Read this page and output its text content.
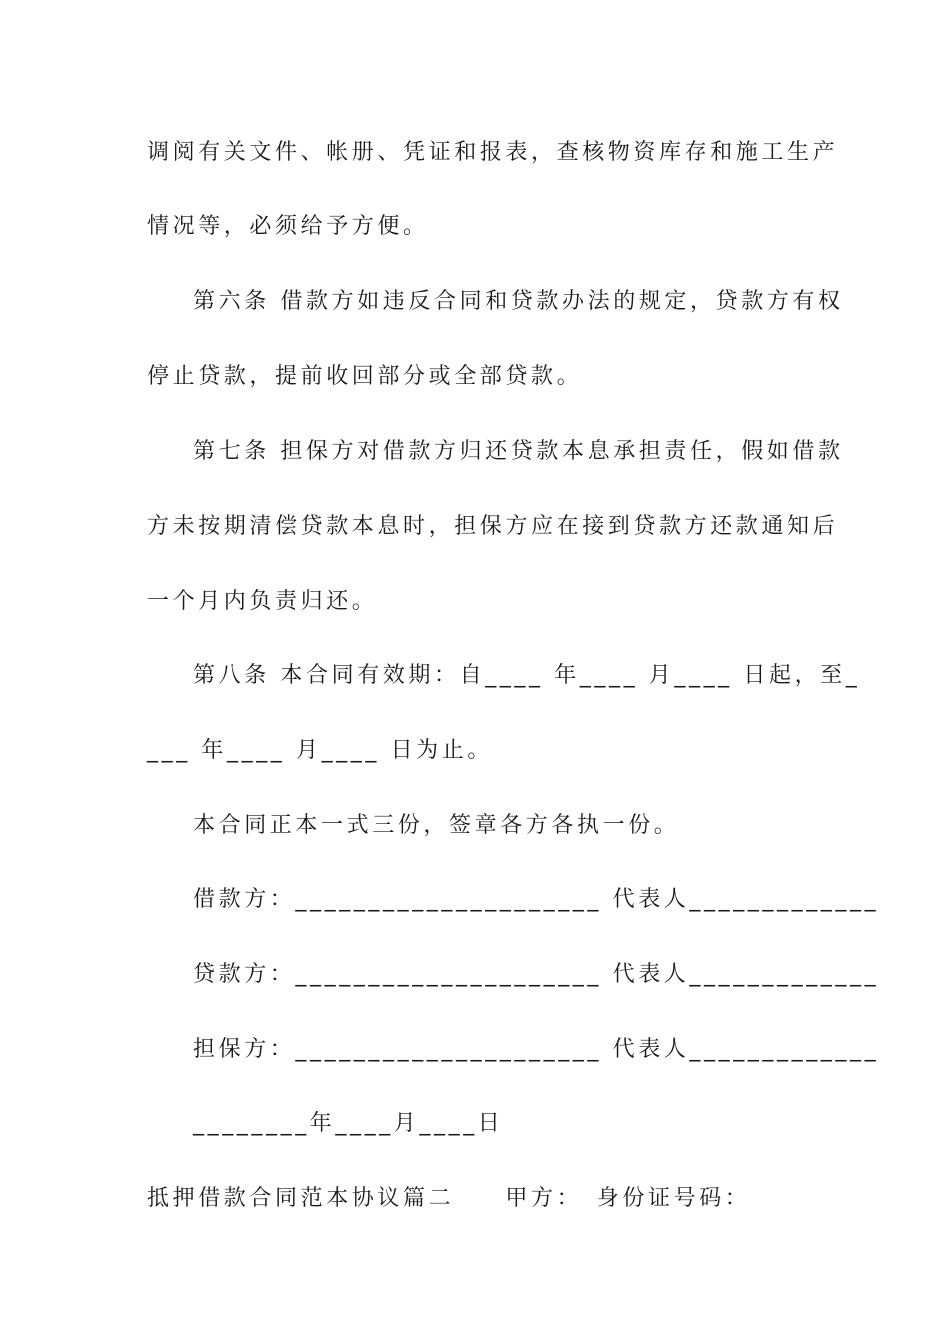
调阅有关文件、帐册、凭证和报表，查核物资库存和施工生产
情况等，必须给予方便。
第六条 借款方如违反合同和贷款办法的规定，贷款方有权
停止贷款，提前收回部分或全部贷款。
第七条 担保方对借款方归还贷款本息承担责任，假如借款
方未按期清偿贷款本息时，担保方应在接到贷款方还款通知后
一个月内负责归还。
第八条 本合同有效期：自____ 年____ 月____ 日起，至_
___ 年____ 月____ 日为止。
本合同正本一式三份，签章各方各执一份。
借款方：_____________________ 代表人_____________
贷款方：_____________________ 代表人_____________
担保方：_____________________ 代表人_____________
________年____月____日
抵押借款合同范本协议篇二　　甲方：　身份证号码：
